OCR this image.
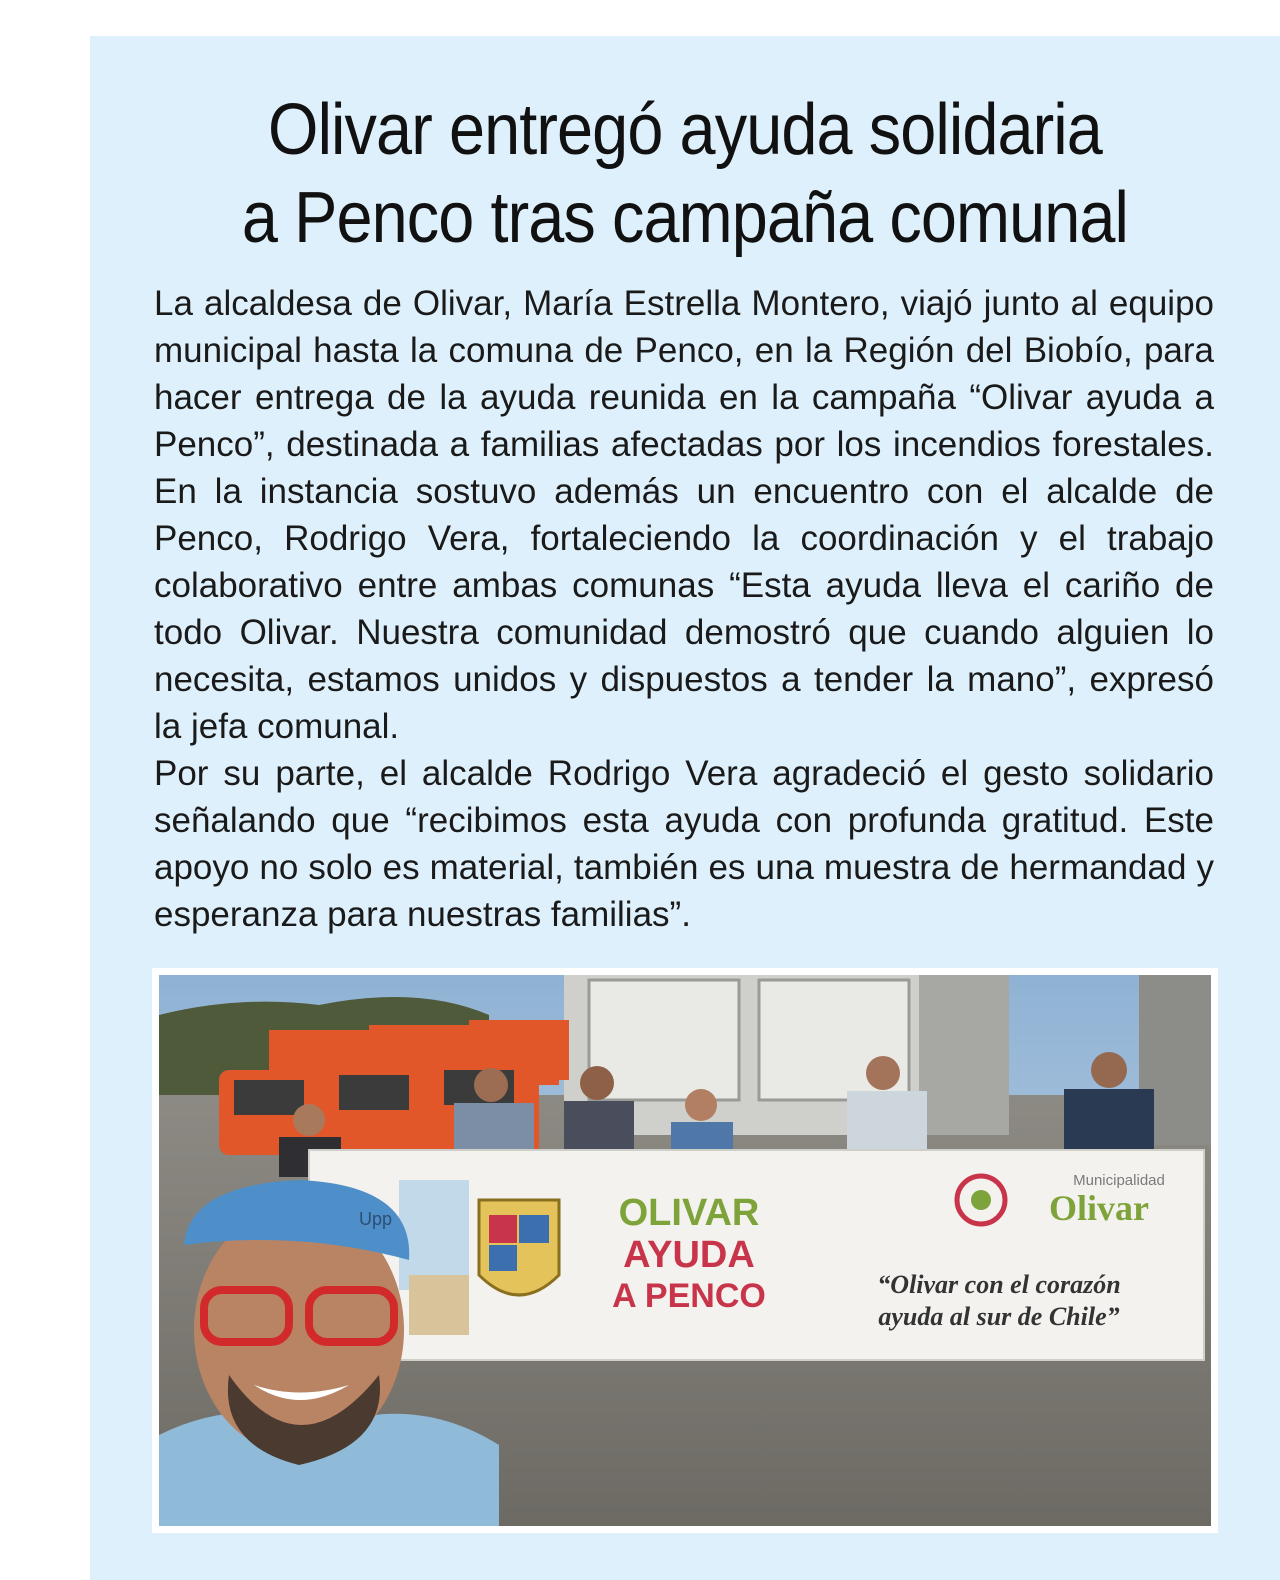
Olivar entregó ayuda solidaria
a Penco tras campaña comunal

La alcaldesa de Olivar, María Estrella Montero, viajó junto al equipo municipal hasta la comuna de Penco, en la Región del Biobío, para hacer entrega de la ayuda reunida en la campaña “Olivar ayuda a Penco”, destinada a familias afectadas por los incendios forestales. En la instancia sostuvo además un encuentro con el alcalde de Penco, Rodrigo Vera, fortaleciendo la coordinación y el trabajo colaborativo entre ambas comunas “Esta ayuda lleva el cariño de todo Olivar. Nuestra comunidad demostró que cuando alguien lo necesita, estamos unidos y dispuestos a tender la mano”, expresó la jefa comunal.

Por su parte, el alcalde Rodrigo Vera agradeció el gesto solidario señalando que “recibimos esta ayuda con profunda gratitud. Este apoyo no solo es material, también es una muestra de hermandad y esperanza para nuestras familias”.

OLIVAR
AYUDA
A PENCO
Municipalidad
Olivar
“Olivar con el corazón
ayuda al sur de Chile”
Upp
